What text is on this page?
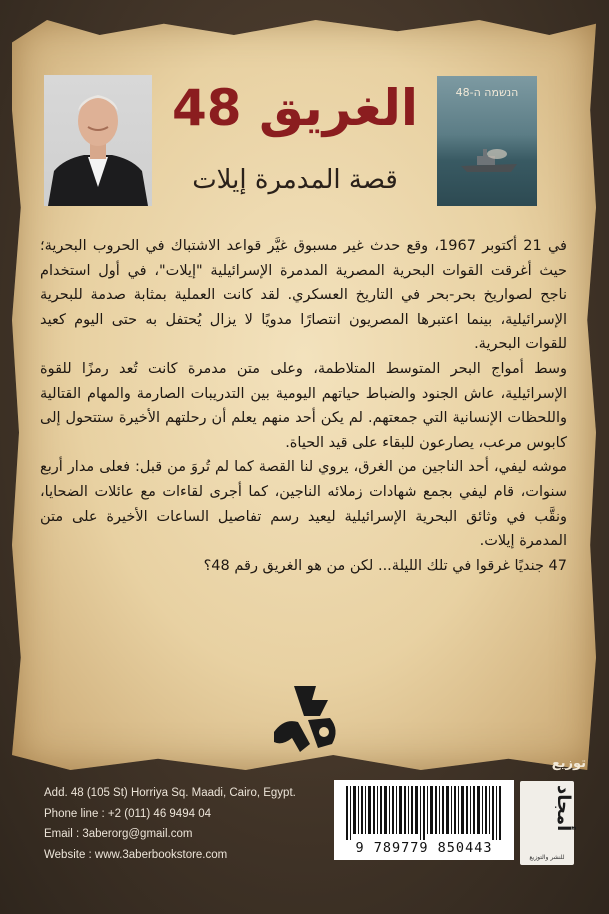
הנשמה ה-48
الغريق 48
قصة المدمرة إيلات

في 21 أكتوبر 1967، وقع حدث غير مسبوق غيَّر قواعد الاشتباك في الحروب البحرية؛ حيث أغرقت القوات البحرية المصرية المدمرة الإسرائيلية "إيلات"، في أول استخدام ناجح لصواريخ بحر-بحر في التاريخ العسكري. لقد كانت العملية بمثابة صدمة للبحرية الإسرائيلية، بينما اعتبرها المصريون انتصارًا مدويًا لا يزال يُحتفل به حتى اليوم كعيد للقوات البحرية.

وسط أمواج البحر المتوسط المتلاطمة، وعلى متن مدمرة كانت تُعد رمزًا للقوة الإسرائيلية، عاش الجنود والضباط حياتهم اليومية بين التدريبات الصارمة والمهام القتالية واللحظات الإنسانية التي جمعتهم. لم يكن أحد منهم يعلم أن رحلتهم الأخيرة ستتحول إلى كابوس مرعب، يصارعون للبقاء على قيد الحياة.

موشه ليفي، أحد الناجين من الغرق، يروي لنا القصة كما لم تُروَ من قبل: فعلى مدار أربع سنوات، قام ليفي بجمع شهادات زملائه الناجين، كما أجرى لقاءات مع عائلات الضحايا، ونقَّب في وثائق البحرية الإسرائيلية ليعيد رسم تفاصيل الساعات الأخيرة على متن المدمرة إيلات.

47 جنديًا غرقوا في تلك الليلة... لكن من هو الغريق رقم 48؟

Add. 48 (105 St) Horriya Sq. Maadi, Cairo, Egypt.
Phone line : +2 (011) 46 9494 04
Email : 3aberorg@gmail.com
Website : www.3aberbookstore.com
توزيع
9 789779 850443
أمجاد
للنشر والتوزيع
